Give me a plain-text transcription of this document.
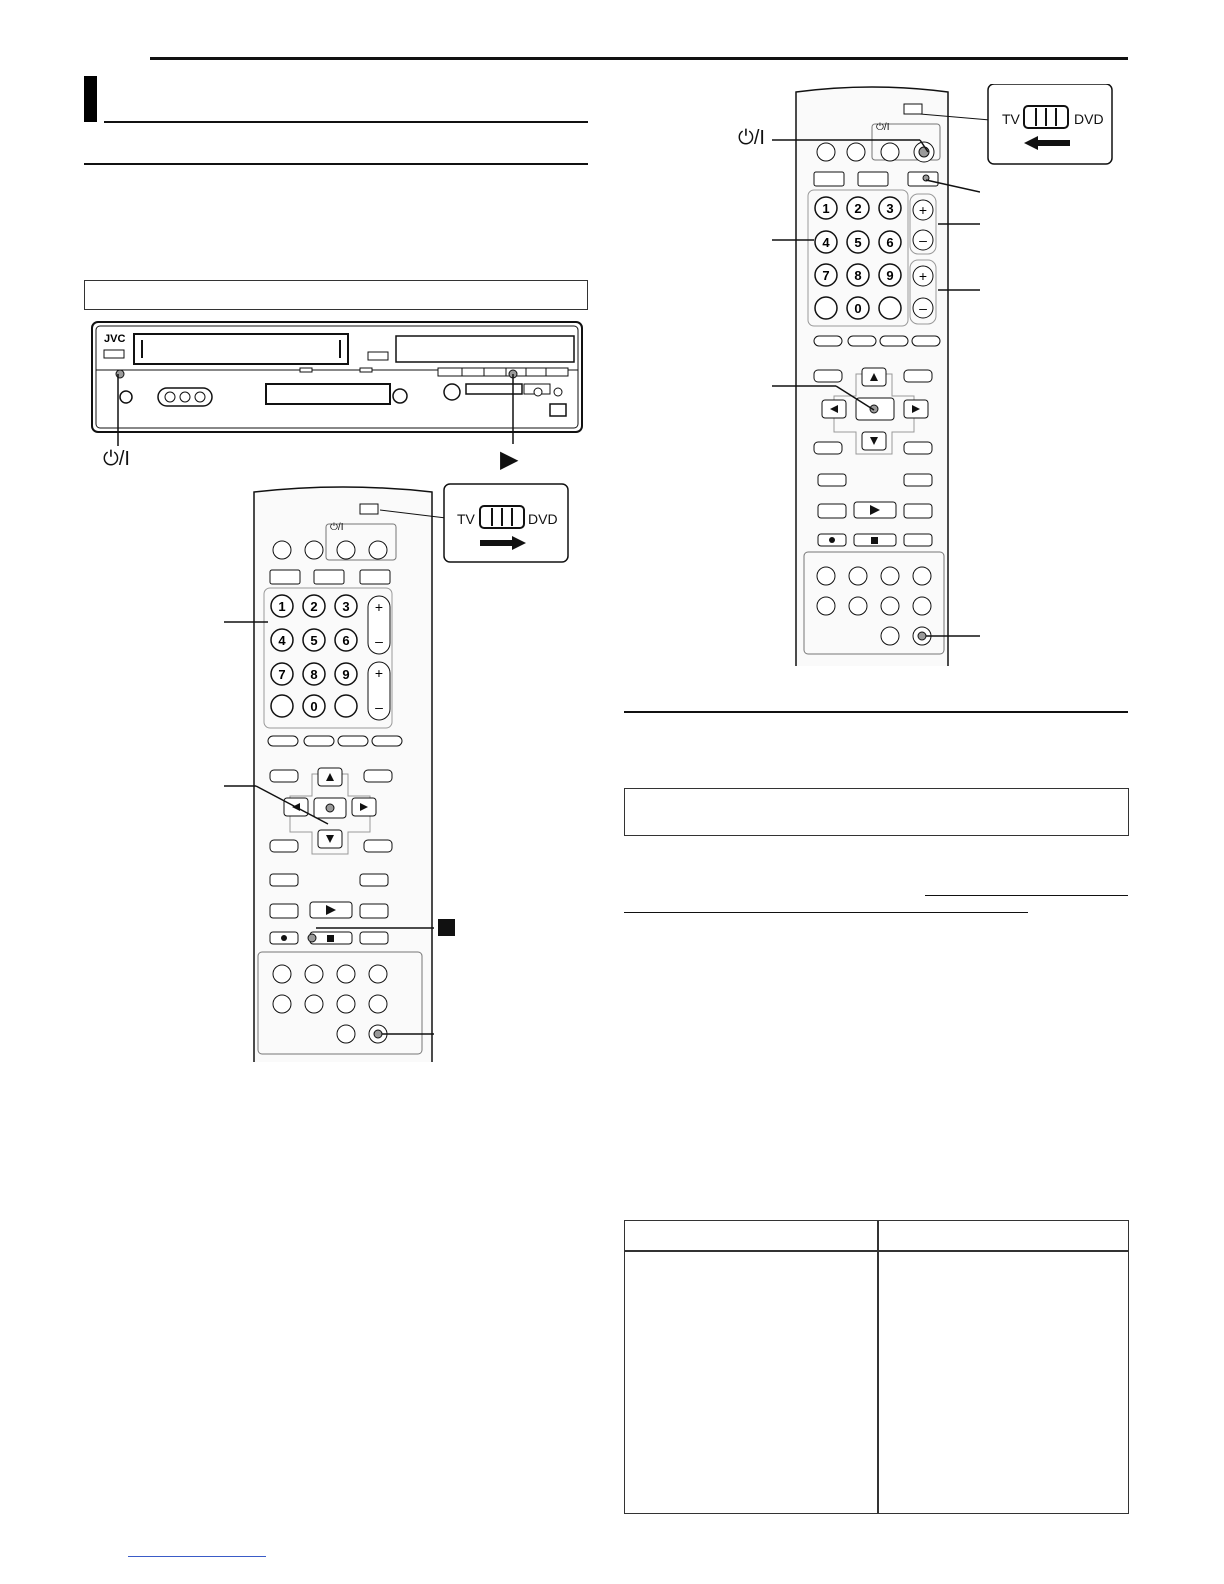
JVC
⏻/I	▶
1 2 3
4 5 6
7 8 9
0
+
–
+
–
TV	DVD
⏻/I
1 2 3
4 5 6
7 8 9
0
+
–
+
–
TV	DVD
⏻/I
⏻/I
